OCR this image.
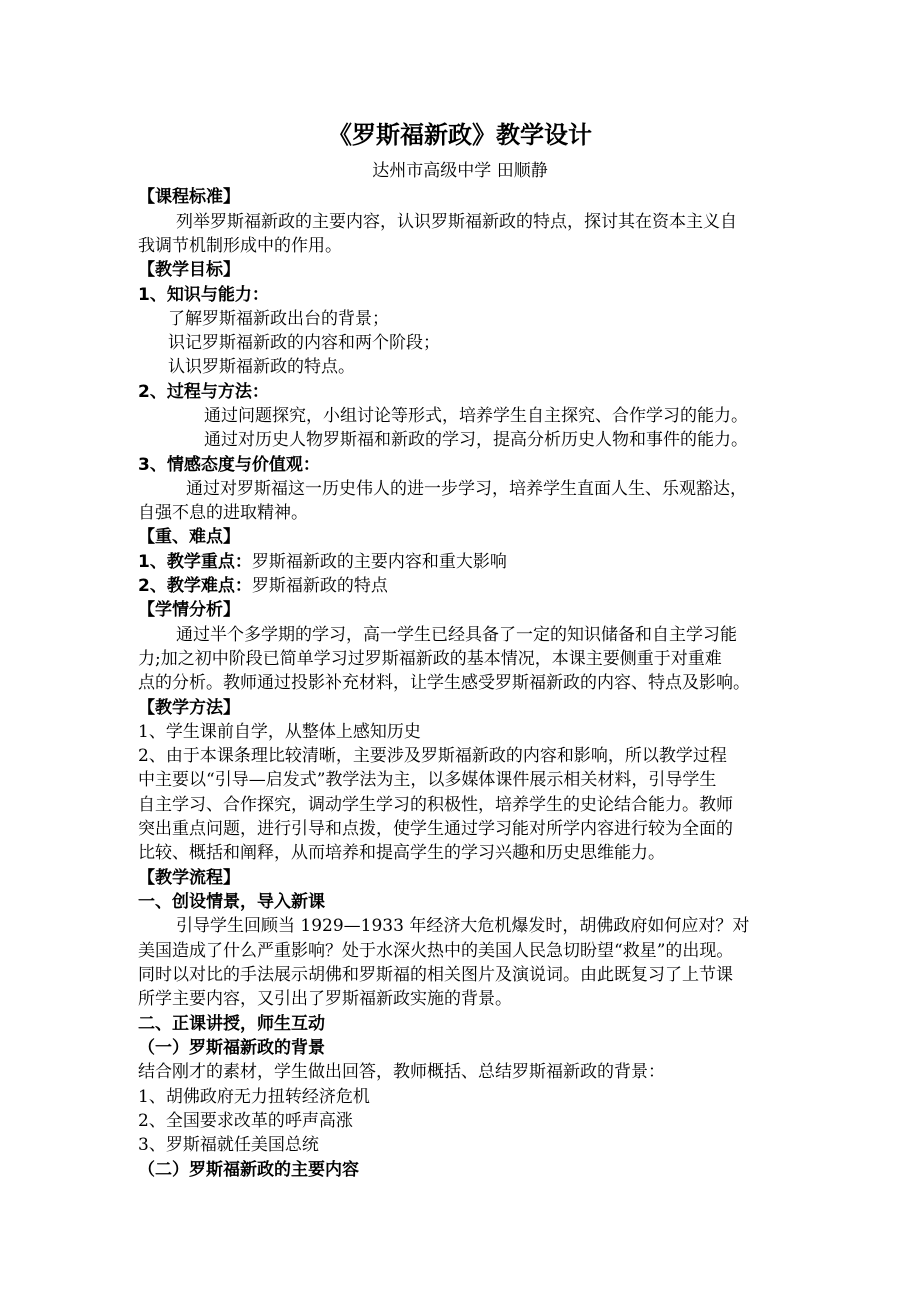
《罗斯福新政》教学设计
达州市高级中学 田顺静
【课程标准】
列举罗斯福新政的主要内容，认识罗斯福新政的特点，探讨其在资本主义自
我调节机制形成中的作用。
【教学目标】
1、知识与能力：
了解罗斯福新政出台的背景；
识记罗斯福新政的内容和两个阶段；
认识罗斯福新政的特点。
2、过程与方法：
通过问题探究，小组讨论等形式，培养学生自主探究、合作学习的能力。
通过对历史人物罗斯福和新政的学习，提高分析历史人物和事件的能力。
3、情感态度与价值观：
通过对罗斯福这一历史伟人的进一步学习，培养学生直面人生、乐观豁达，
自强不息的进取精神。
【重、难点】
1、教学重点：罗斯福新政的主要内容和重大影响
2、教学难点：罗斯福新政的特点
【学情分析】
通过半个多学期的学习，高一学生已经具备了一定的知识储备和自主学习能
力;加之初中阶段已简单学习过罗斯福新政的基本情况，本课主要侧重于对重难
点的分析。教师通过投影补充材料，让学生感受罗斯福新政的内容、特点及影响。
【教学方法】
1、学生课前自学，从整体上感知历史
2、由于本课条理比较清晰，主要涉及罗斯福新政的内容和影响，所以教学过程
中主要以“引导—启发式”教学法为主，以多媒体课件展示相关材料，引导学生
自主学习、合作探究，调动学生学习的积极性，培养学生的史论结合能力。教师
突出重点问题，进行引导和点拨，使学生通过学习能对所学内容进行较为全面的
比较、概括和阐释，从而培养和提高学生的学习兴趣和历史思维能力。
【教学流程】
一、创设情景，导入新课
引导学生回顾当 1929—1933 年经济大危机爆发时，胡佛政府如何应对？对
美国造成了什么严重影响？处于水深火热中的美国人民急切盼望“救星”的出现。
同时以对比的手法展示胡佛和罗斯福的相关图片及演说词。由此既复习了上节课
所学主要内容，又引出了罗斯福新政实施的背景。
二、正课讲授，师生互动
（一）罗斯福新政的背景
结合刚才的素材，学生做出回答，教师概括、总结罗斯福新政的背景：
1、胡佛政府无力扭转经济危机
2、全国要求改革的呼声高涨
3、罗斯福就任美国总统
（二）罗斯福新政的主要内容
